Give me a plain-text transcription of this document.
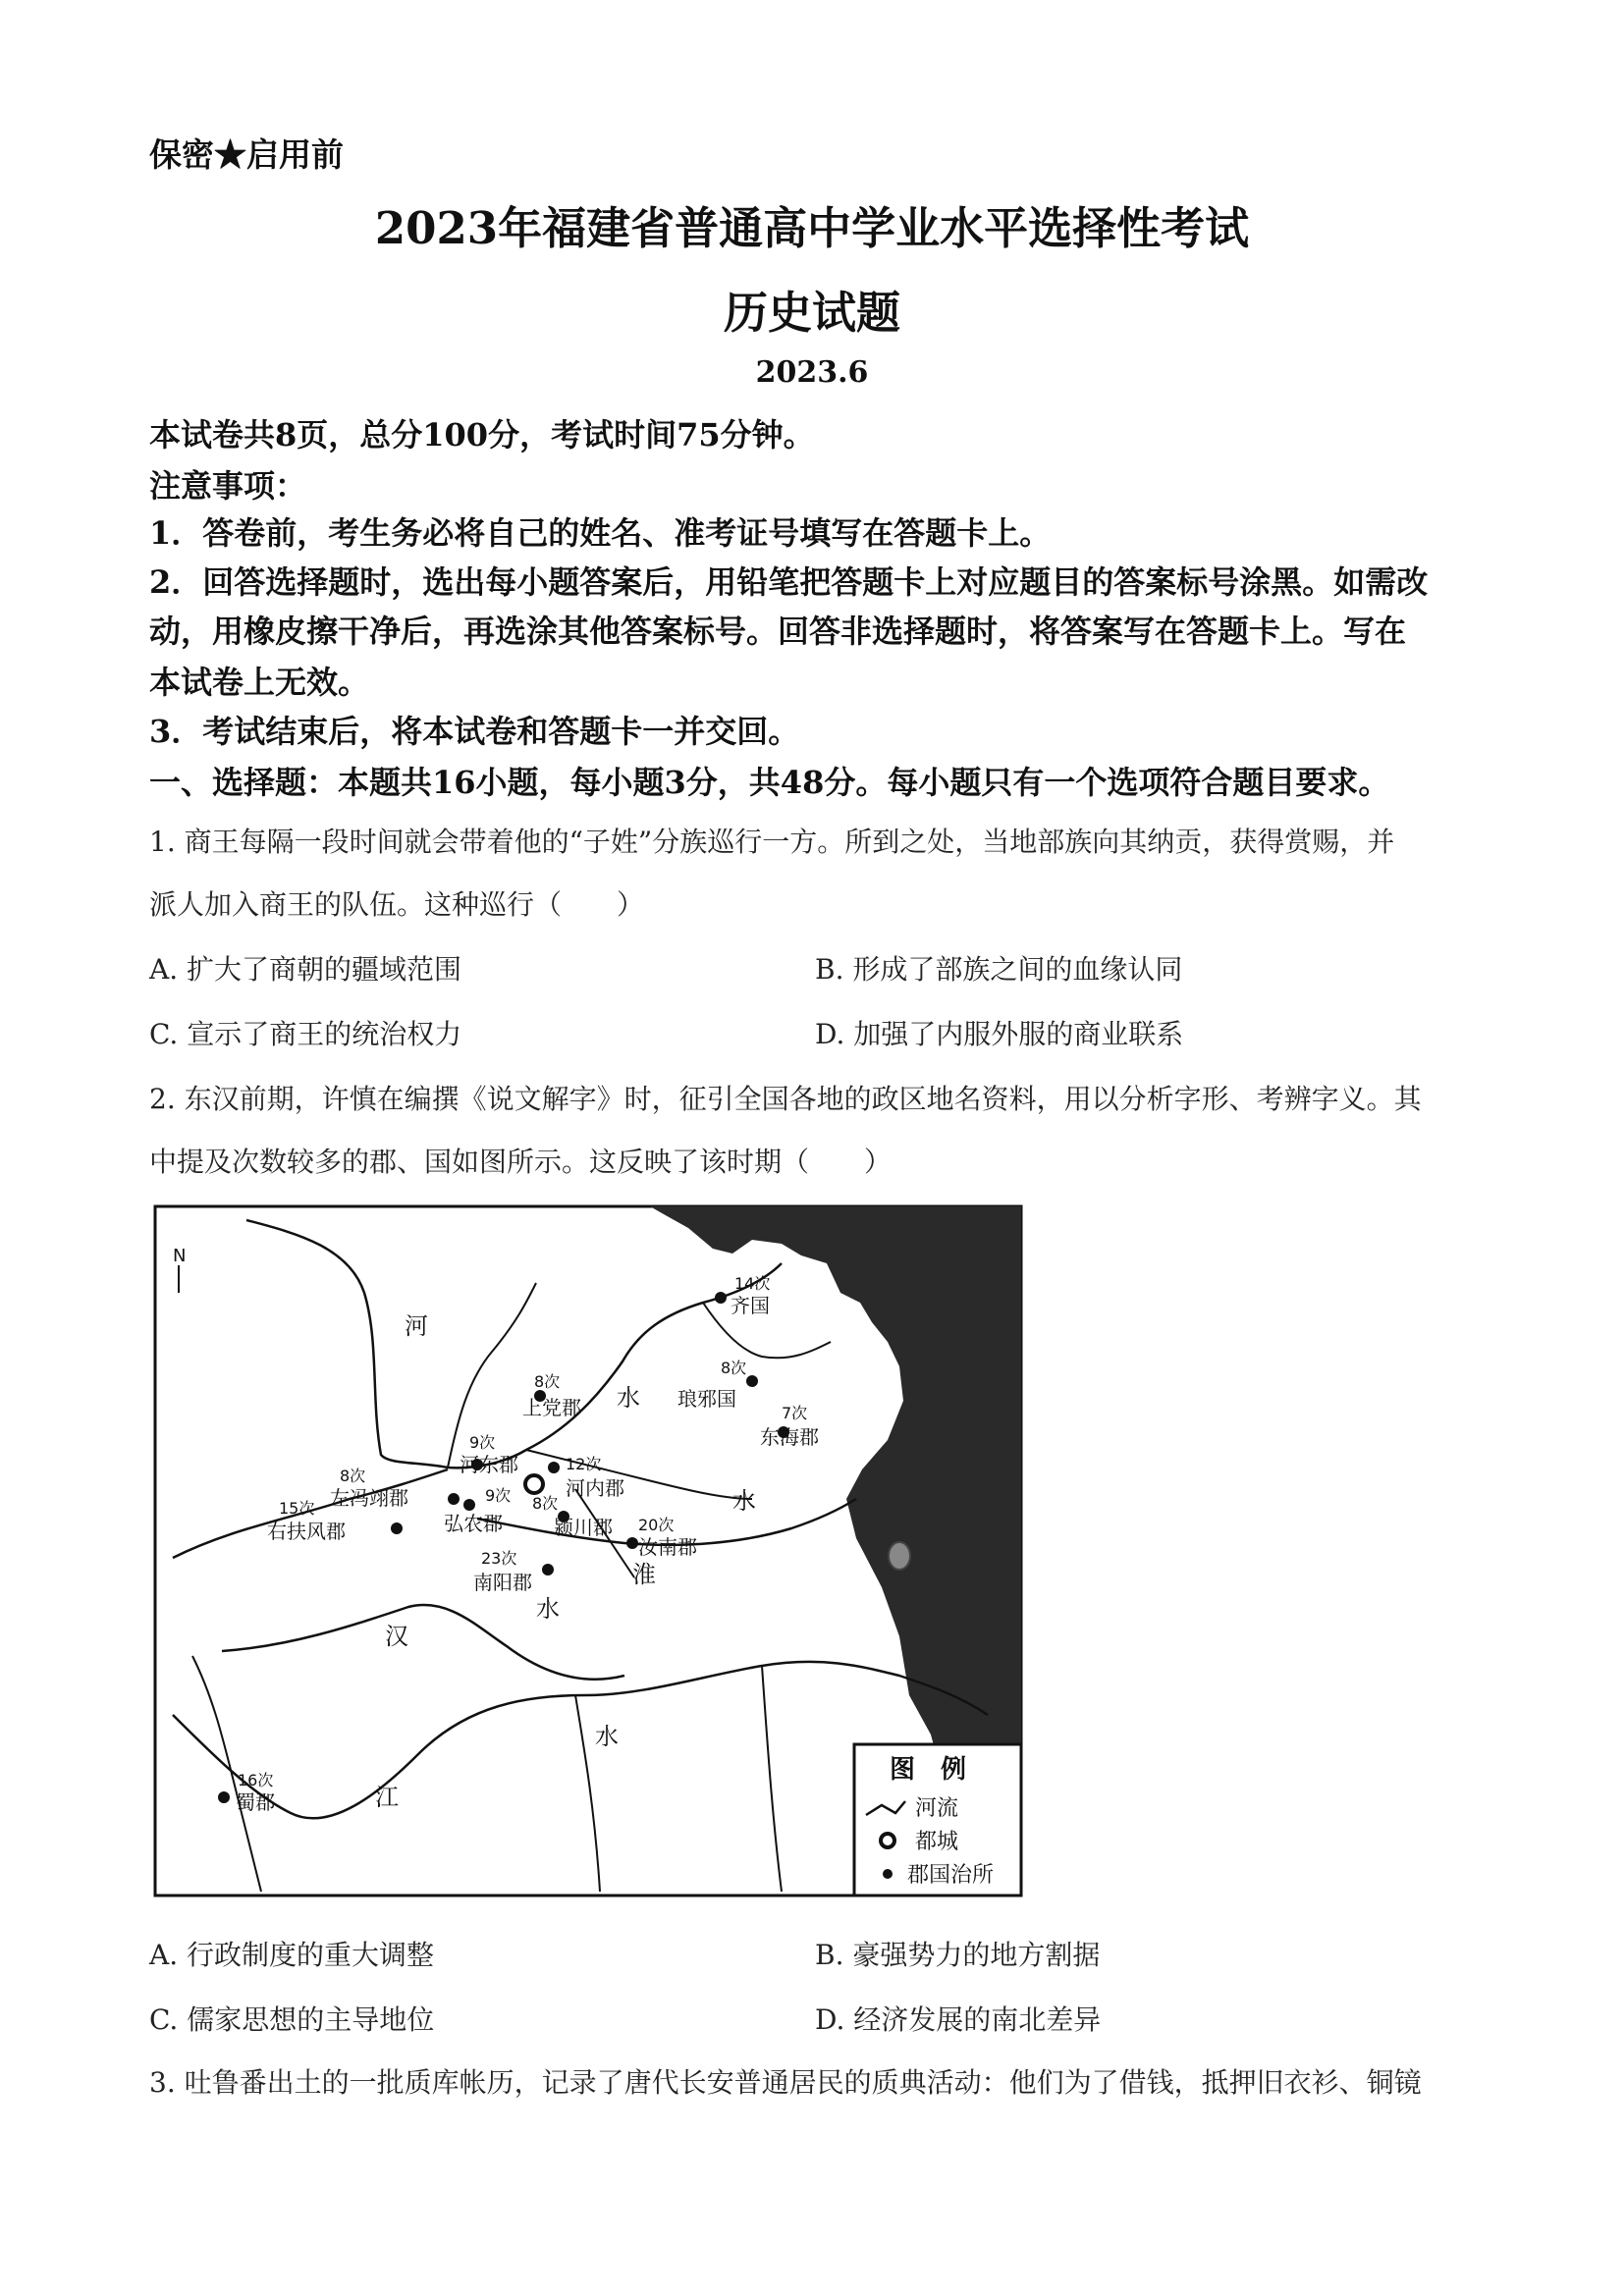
保密★启用前
2023年福建省普通高中学业水平选择性考试
历史试题
2023.6
本试卷共8页，总分100分，考试时间75分钟。
注意事项：
1．答卷前，考生务必将自己的姓名、准考证号填写在答题卡上。
2．回答选择题时，选出每小题答案后，用铅笔把答题卡上对应题目的答案标号涂黑。如需改
动，用橡皮擦干净后，再选涂其他答案标号。回答非选择题时，将答案写在答题卡上。写在
本试卷上无效。
3．考试结束后，将本试卷和答题卡一并交回。
一、选择题：本题共16小题，每小题3分，共48分。每小题只有一个选项符合题目要求。
1. 商王每隔一段时间就会带着他的“子姓”分族巡行一方。所到之处，当地部族向其纳贡，获得赏赐，并
派人加入商王的队伍。这种巡行（　　）
A. 扩大了商朝的疆域范围	B. 形成了部族之间的血缘认同
C. 宣示了商王的统治权力	D. 加强了内服外服的商业联系
2. 东汉前期，许慎在编撰《说文解字》时，征引全国各地的政区地名资料，用以分析字形、考辨字义。其
中提及次数较多的郡、国如图所示。这反映了该时期（　　）
N
河
水
水
汉
水
淮
江
水
14次
齐国
8次
琅邪国
7次
东海郡
8次
上党郡
9次
河东郡	12次
河内郡
8次
左冯翊郡
15次
右扶风郡
9次
弘农郡
8次
颍川郡 20次
汝南郡
23次
南阳郡
16次
蜀郡
图　例
河流
都城
郡国治所
A. 行政制度的重大调整	B. 豪强势力的地方割据
C. 儒家思想的主导地位	D. 经济发展的南北差异
3. 吐鲁番出土的一批质库帐历，记录了唐代长安普通居民的质典活动：他们为了借钱，抵押旧衣衫、铜镜
